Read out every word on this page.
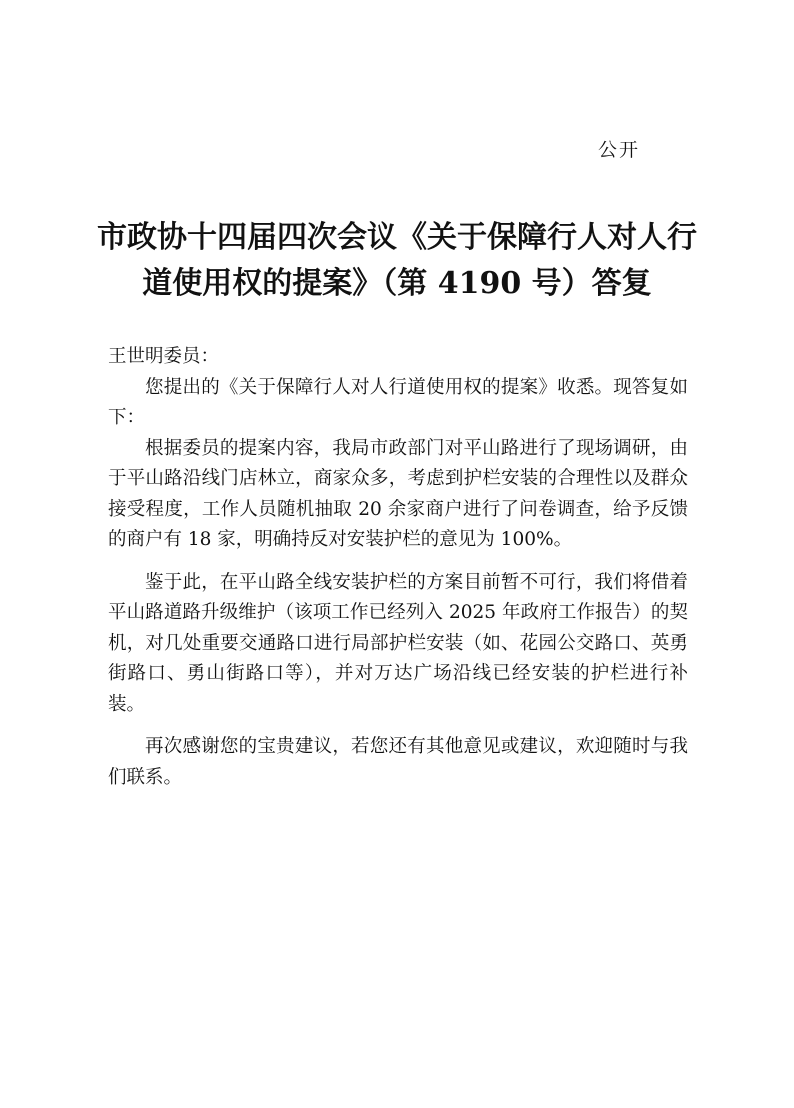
公开
市政协十四届四次会议《关于保障行人对人行
道使用权的提案》（第 4190 号）答复

王世明委员：

您提出的《关于保障行人对人行道使用权的提案》收悉。现答复如下：

根据委员的提案内容，我局市政部门对平山路进行了现场调研，由于平山路沿线门店林立，商家众多，考虑到护栏安装的合理性以及群众接受程度，工作人员随机抽取 20 余家商户进行了问卷调查，给予反馈的商户有 18 家，明确持反对安装护栏的意见为 100%。

鉴于此，在平山路全线安装护栏的方案目前暂不可行，我们将借着平山路道路升级维护（该项工作已经列入 2025 年政府工作报告）的契机，对几处重要交通路口进行局部护栏安装（如、花园公交路口、英勇街路口、勇山街路口等），并对万达广场沿线已经安装的护栏进行补装。

再次感谢您的宝贵建议，若您还有其他意见或建议，欢迎随时与我们联系。
